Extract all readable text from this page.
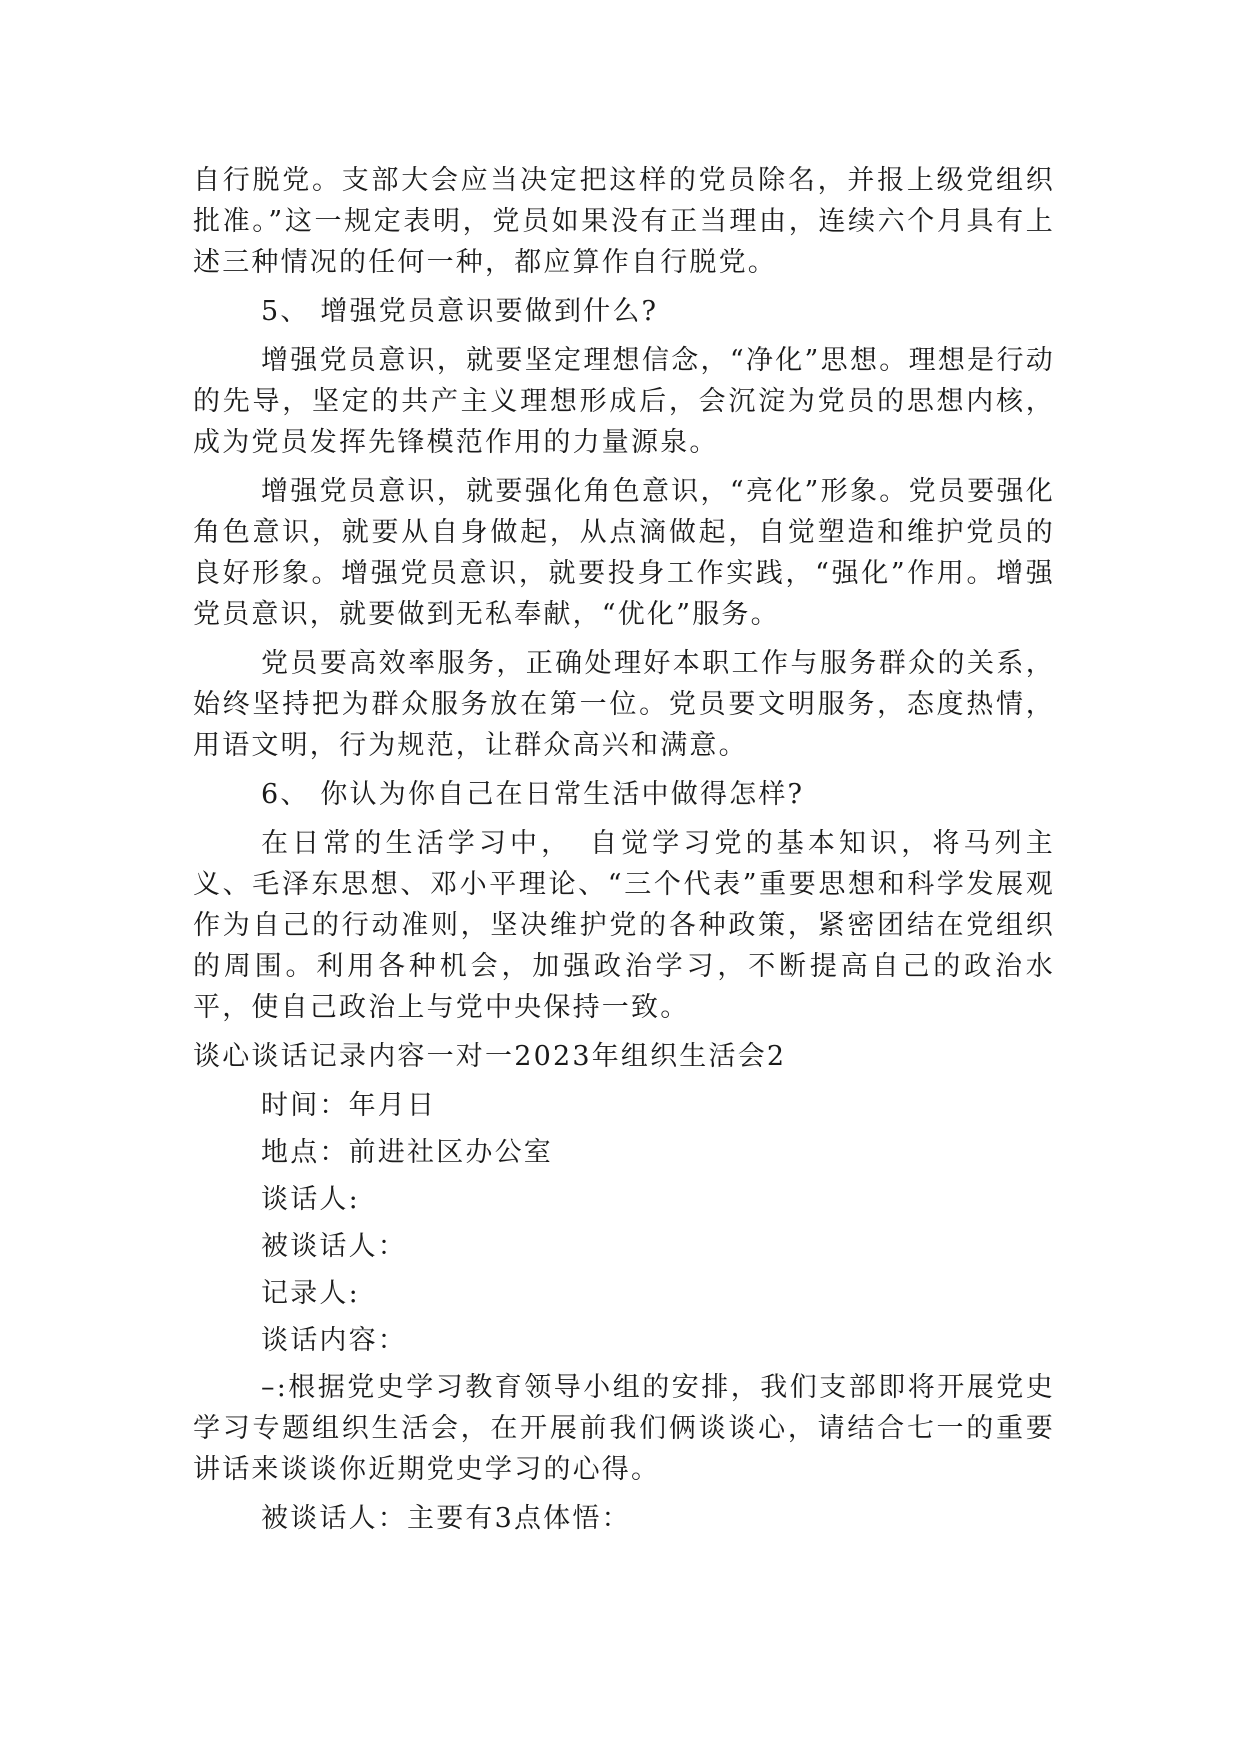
自行脱党。支部大会应当决定把这样的党员除名，并报上级党组织批准。”这一规定表明，党员如果没有正当理由，连续六个月具有上述三种情况的任何一种，都应算作自行脱党。

5、 增强党员意识要做到什么?

增强党员意识，就要坚定理想信念，“净化”思想。理想是行动的先导，坚定的共产主义理想形成后，会沉淀为党员的思想内核，成为党员发挥先锋模范作用的力量源泉。

增强党员意识，就要强化角色意识，“亮化”形象。党员要强化角色意识，就要从自身做起，从点滴做起，自觉塑造和维护党员的良好形象。增强党员意识，就要投身工作实践，“强化”作用。增强党员意识，就要做到无私奉献，“优化”服务。

党员要高效率服务，正确处理好本职工作与服务群众的关系，始终坚持把为群众服务放在第一位。党员要文明服务，态度热情，用语文明，行为规范，让群众高兴和满意。

6、 你认为你自己在日常生活中做得怎样?

在日常的生活学习中，　自觉学习党的基本知识，将马列主义、毛泽东思想、邓小平理论、“三个代表”重要思想和科学发展观作为自己的行动准则，坚决维护党的各种政策，紧密团结在党组织的周围。利用各种机会，加强政治学习，不断提高自己的政治水平，使自己政治上与党中央保持一致。

谈心谈话记录内容一对一2023年组织生活会2

时间：年月日

地点：前进社区办公室

谈话人:

被谈话人：

记录人:

谈话内容：

–:根据党史学习教育领导小组的安排，我们支部即将开展党史学习专题组织生活会，在开展前我们俩谈谈心，请结合七一的重要讲话来谈谈你近期党史学习的心得。

被谈话人：主要有3点体悟：
